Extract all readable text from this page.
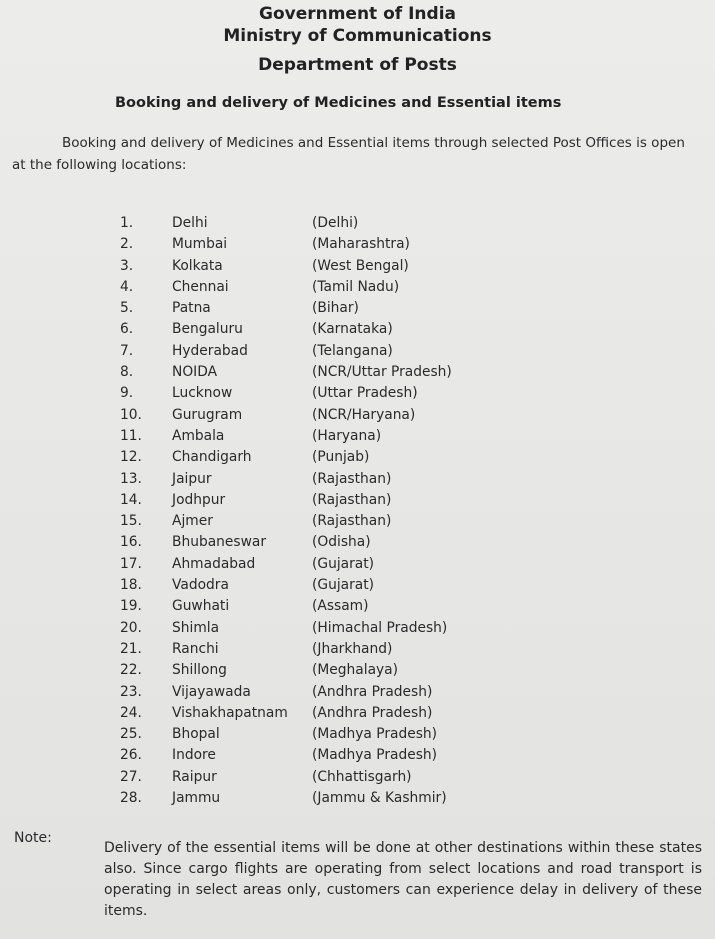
Government of India
Ministry of Communications
Department of Posts
Booking and delivery of Medicines and Essential items
Booking and delivery of Medicines and Essential items through selected Post Offices is open at the following locations:
1.	Delhi	(Delhi)
2.	Mumbai	(Maharashtra)
3.	Kolkata	(West Bengal)
4.	Chennai	(Tamil Nadu)
5.	Patna	(Bihar)
6.	Bengaluru	(Karnataka)
7.	Hyderabad	(Telangana)
8.	NOIDA	(NCR/Uttar Pradesh)
9.	Lucknow	(Uttar Pradesh)
10.	Gurugram	(NCR/Haryana)
11.	Ambala	(Haryana)
12.	Chandigarh	(Punjab)
13.	Jaipur	(Rajasthan)
14.	Jodhpur	(Rajasthan)
15.	Ajmer	(Rajasthan)
16.	Bhubaneswar	(Odisha)
17.	Ahmadabad	(Gujarat)
18.	Vadodra	(Gujarat)
19.	Guwhati	(Assam)
20.	Shimla	(Himachal Pradesh)
21.	Ranchi	(Jharkhand)
22.	Shillong	(Meghalaya)
23.	Vijayawada	(Andhra Pradesh)
24.	Vishakhapatnam (Andhra Pradesh)
25.	Bhopal	(Madhya Pradesh)
26.	Indore	(Madhya Pradesh)
27.	Raipur	(Chhattisgarh)
28.	Jammu	(Jammu & Kashmir)
Note:
Delivery of the essential items will be done at other destinations within these states also. Since cargo flights are operating from select locations and road transport is operating in select areas only, customers can experience delay in delivery of these items.
